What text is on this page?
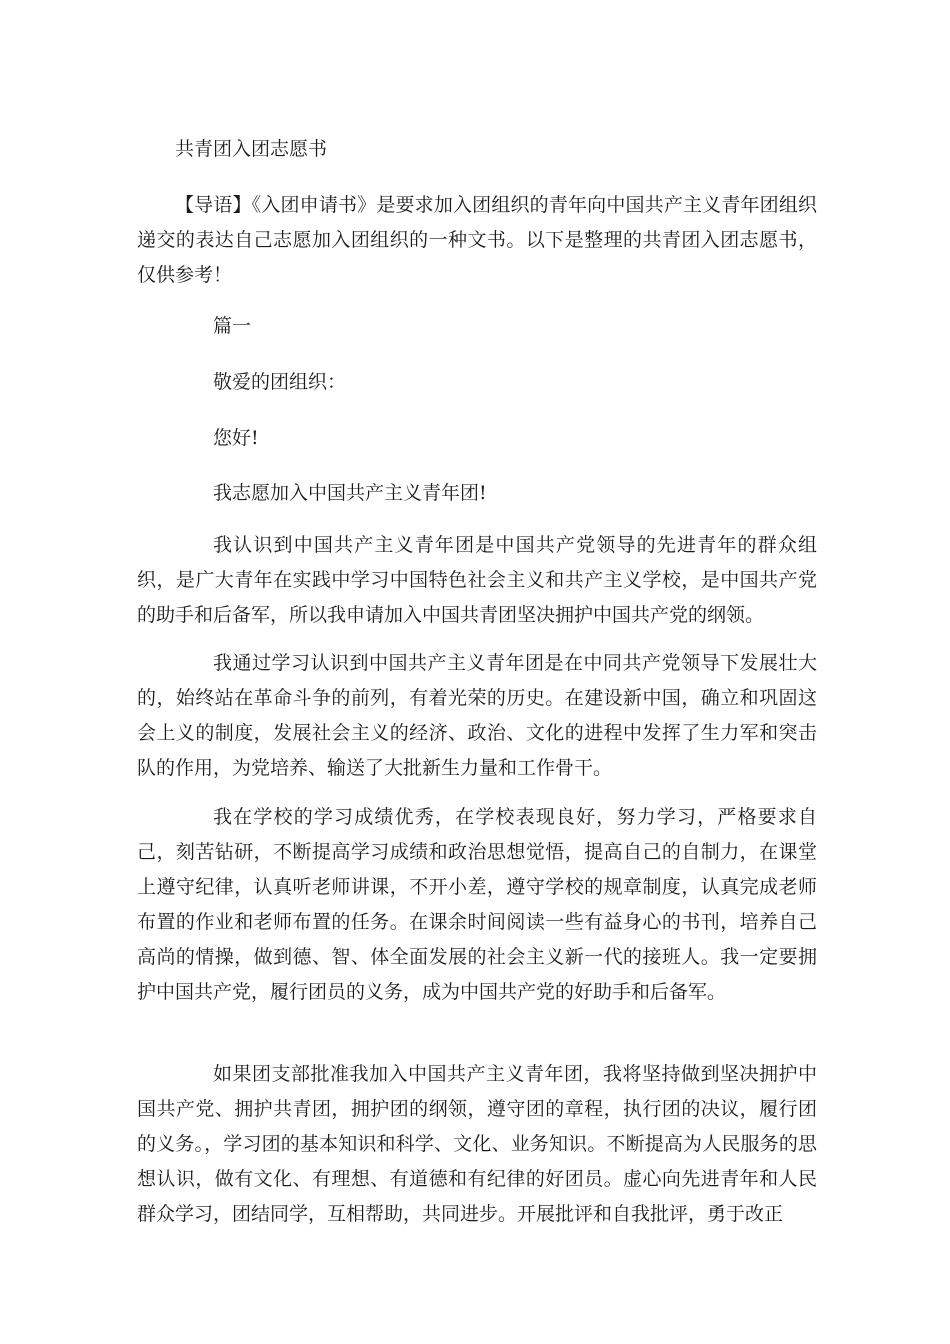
共青团入团志愿书
【导语】《入团申请书》是要求加入团组织的青年向中国共产主义青年团组织递交的表达自己志愿加入团组织的一种文书。以下是整理的共青团入团志愿书，仅供参考！
篇一
敬爱的团组织：
您好!
我志愿加入中国共产主义青年团!
我认识到中国共产主义青年团是中国共产党领导的先进青年的群众组织，是广大青年在实践中学习中国特色社会主义和共产主义学校，是中国共产党的助手和后备军，所以我申请加入中国共青团坚决拥护中国共产党的纲领。
我通过学习认识到中国共产主义青年团是在中同共产党领导下发展壮大的，始终站在革命斗争的前列，有着光荣的历史。在建设新中国，确立和巩固这会上义的制度，发展社会主义的经济、政治、文化的进程中发挥了生力军和突击队的作用，为党培养、输送了大批新生力量和工作骨干。
我在学校的学习成绩优秀，在学校表现良好，努力学习，严格要求自己，刻苦钻研，不断提高学习成绩和政治思想觉悟，提高自己的自制力，在课堂上遵守纪律，认真听老师讲课，不开小差，遵守学校的规章制度，认真完成老师布置的作业和老师布置的任务。在课余时间阅读一些有益身心的书刊，培养自己高尚的情操，做到德、智、体全面发展的社会主义新一代的接班人。我一定要拥护中国共产党，履行团员的义务，成为中国共产党的好助手和后备军。
如果团支部批准我加入中国共产主义青年团，我将坚持做到坚决拥护中国共产党、拥护共青团，拥护团的纲领，遵守团的章程，执行团的决议，履行团的义务。，学习团的基本知识和科学、文化、业务知识。不断提高为人民服务的思想认识，做有文化、有理想、有道德和有纪律的好团员。虚心向先进青年和人民群众学习，团结同学，互相帮助，共同进步。开展批评和自我批评，勇于改正
